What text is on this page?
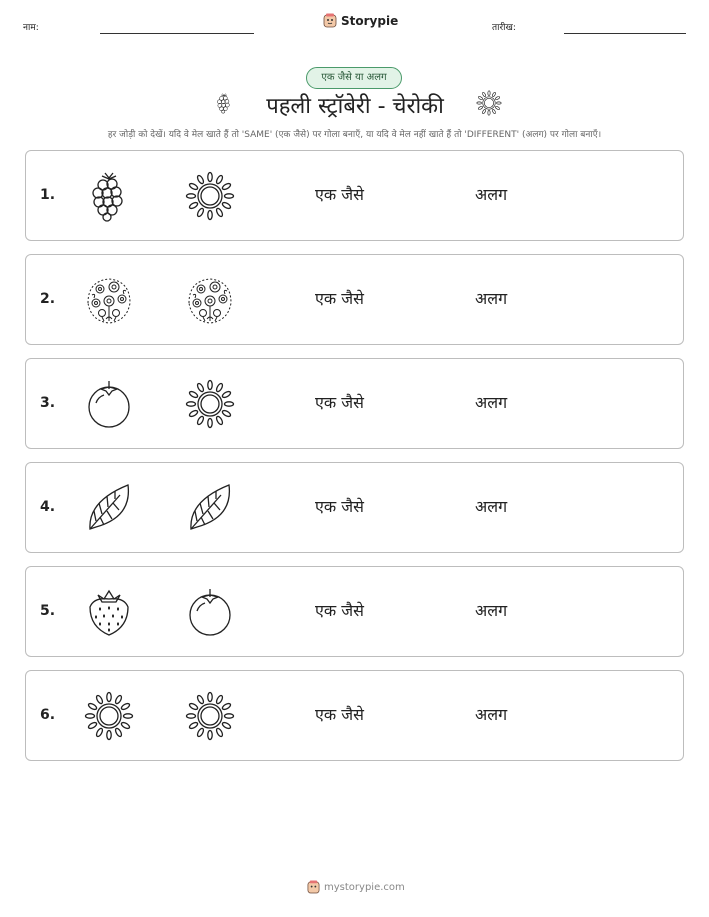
नाम:
Storypie
तारीख:
एक जैसे या अलग
पहली स्ट्रॉबेरी - चेरोकी
हर जोड़ी को देखें। यदि वे मेल खाते हैं तो 'SAME' (एक जैसे) पर गोला बनाएँ, या यदि वे मेल नहीं खाते हैं तो 'DIFFERENT' (अलग) पर गोला बनाएँ।
1.	एक जैसे	अलग
2.	एक जैसे	अलग
3.	एक जैसे	अलग
4.	एक जैसे	अलग
5.	एक जैसे	अलग
6.	एक जैसे	अलग
mystorypie.com
